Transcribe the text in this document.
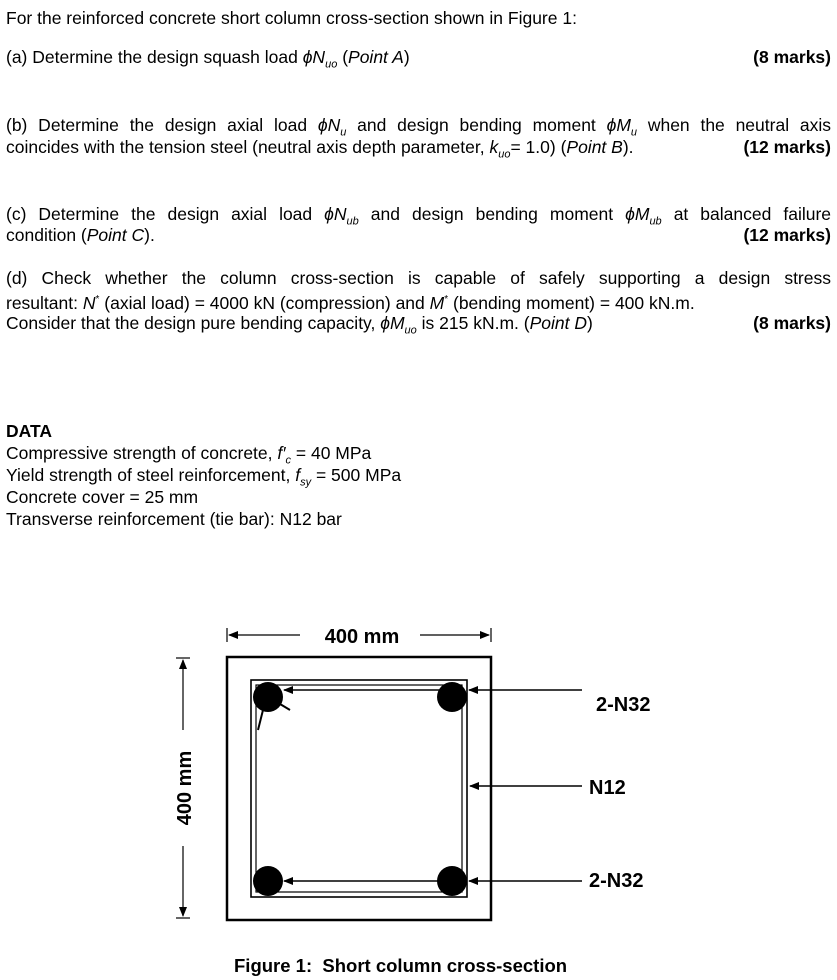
For the reinforced concrete short column cross-section shown in Figure 1:
(a) Determine the design squash load $\phi N_{uo}$ (Point A)	(8 marks)
(b) Determine the design axial load $\phi N_u$ and design bending moment $\phi M_u$ when the neutral axis
coincides with the tension steel (neutral axis depth parameter, $k_{uo}= 1.0$) (Point B).	(12 marks)
(c) Determine the design axial load $\phi N_{ub}$ and design bending moment $\phi M_{ub}$ at balanced failure
condition (Point C).	(12 marks)
(d) Check whether the column cross-section is capable of safely supporting a design stress
resultant: N* (axial load) = 4000 kN (compression) and M* (bending moment) = 400 kN.m.
Consider that the design pure bending capacity, $\phi M_{uo}$ is 215 kN.m. (Point D)	(8 marks)
DATA
Compressive strength of concrete, $f'_c = 40$ MPa
Yield strength of steel reinforcement, $f_{sy} = 500$ MPa
Concrete cover = 25 mm
Transverse reinforcement (tie bar): N12 bar
400 mm
400 mm
2-N32
N12
2-N32
Figure 1:  Short column cross-section
